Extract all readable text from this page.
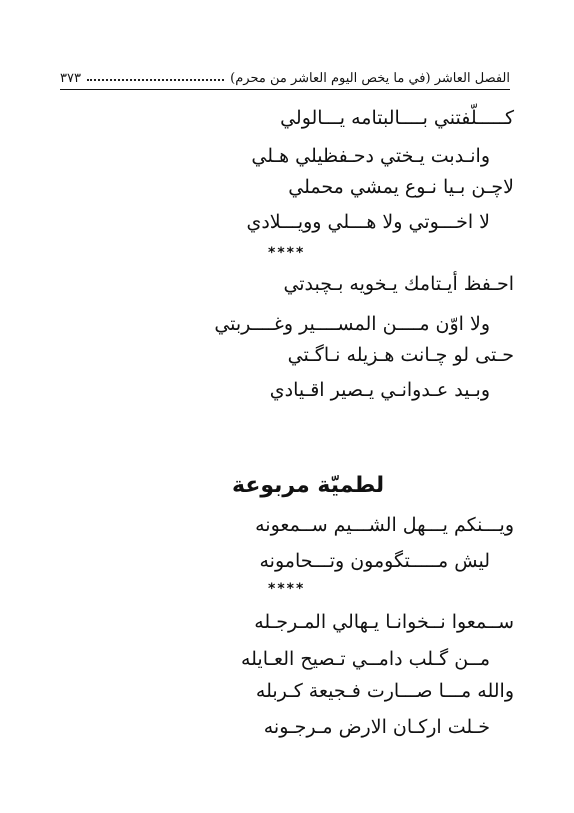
الفصل العاشر (في ما يخص اليوم العاشر من محرم)
٣٧٣
كـــــلّفتني بــــالبتامه يـــالولي
وانـدبت يـختي دحـفظيلي هـلي
لاچـن بـيا نـوع يمشي محملي
لا اخـــوتي ولا هـــلي وويـــلادي
****
احـفظ أيـتامك يـخويه بـچبدتي
ولا اوّن مــــن المســــير وغــــربتي
حـتى لو چـانت هـزيله نـاگـتي
وبـيد عـدوانـي يـصير اقـيادي
لطميّة مربوعة
ويـــنكم يـــهل الشـــيم ســمعونه
ليش مـــــتگومون وتـــحامونه
****
ســمعوا نــخوانـا يـهالي المـرجـله
مــن گـلب دامــي تـصيح العـايله
والله مـــا صـــارت فـجيعة كـربله
خـلت اركـان الارض مـرجـونه
